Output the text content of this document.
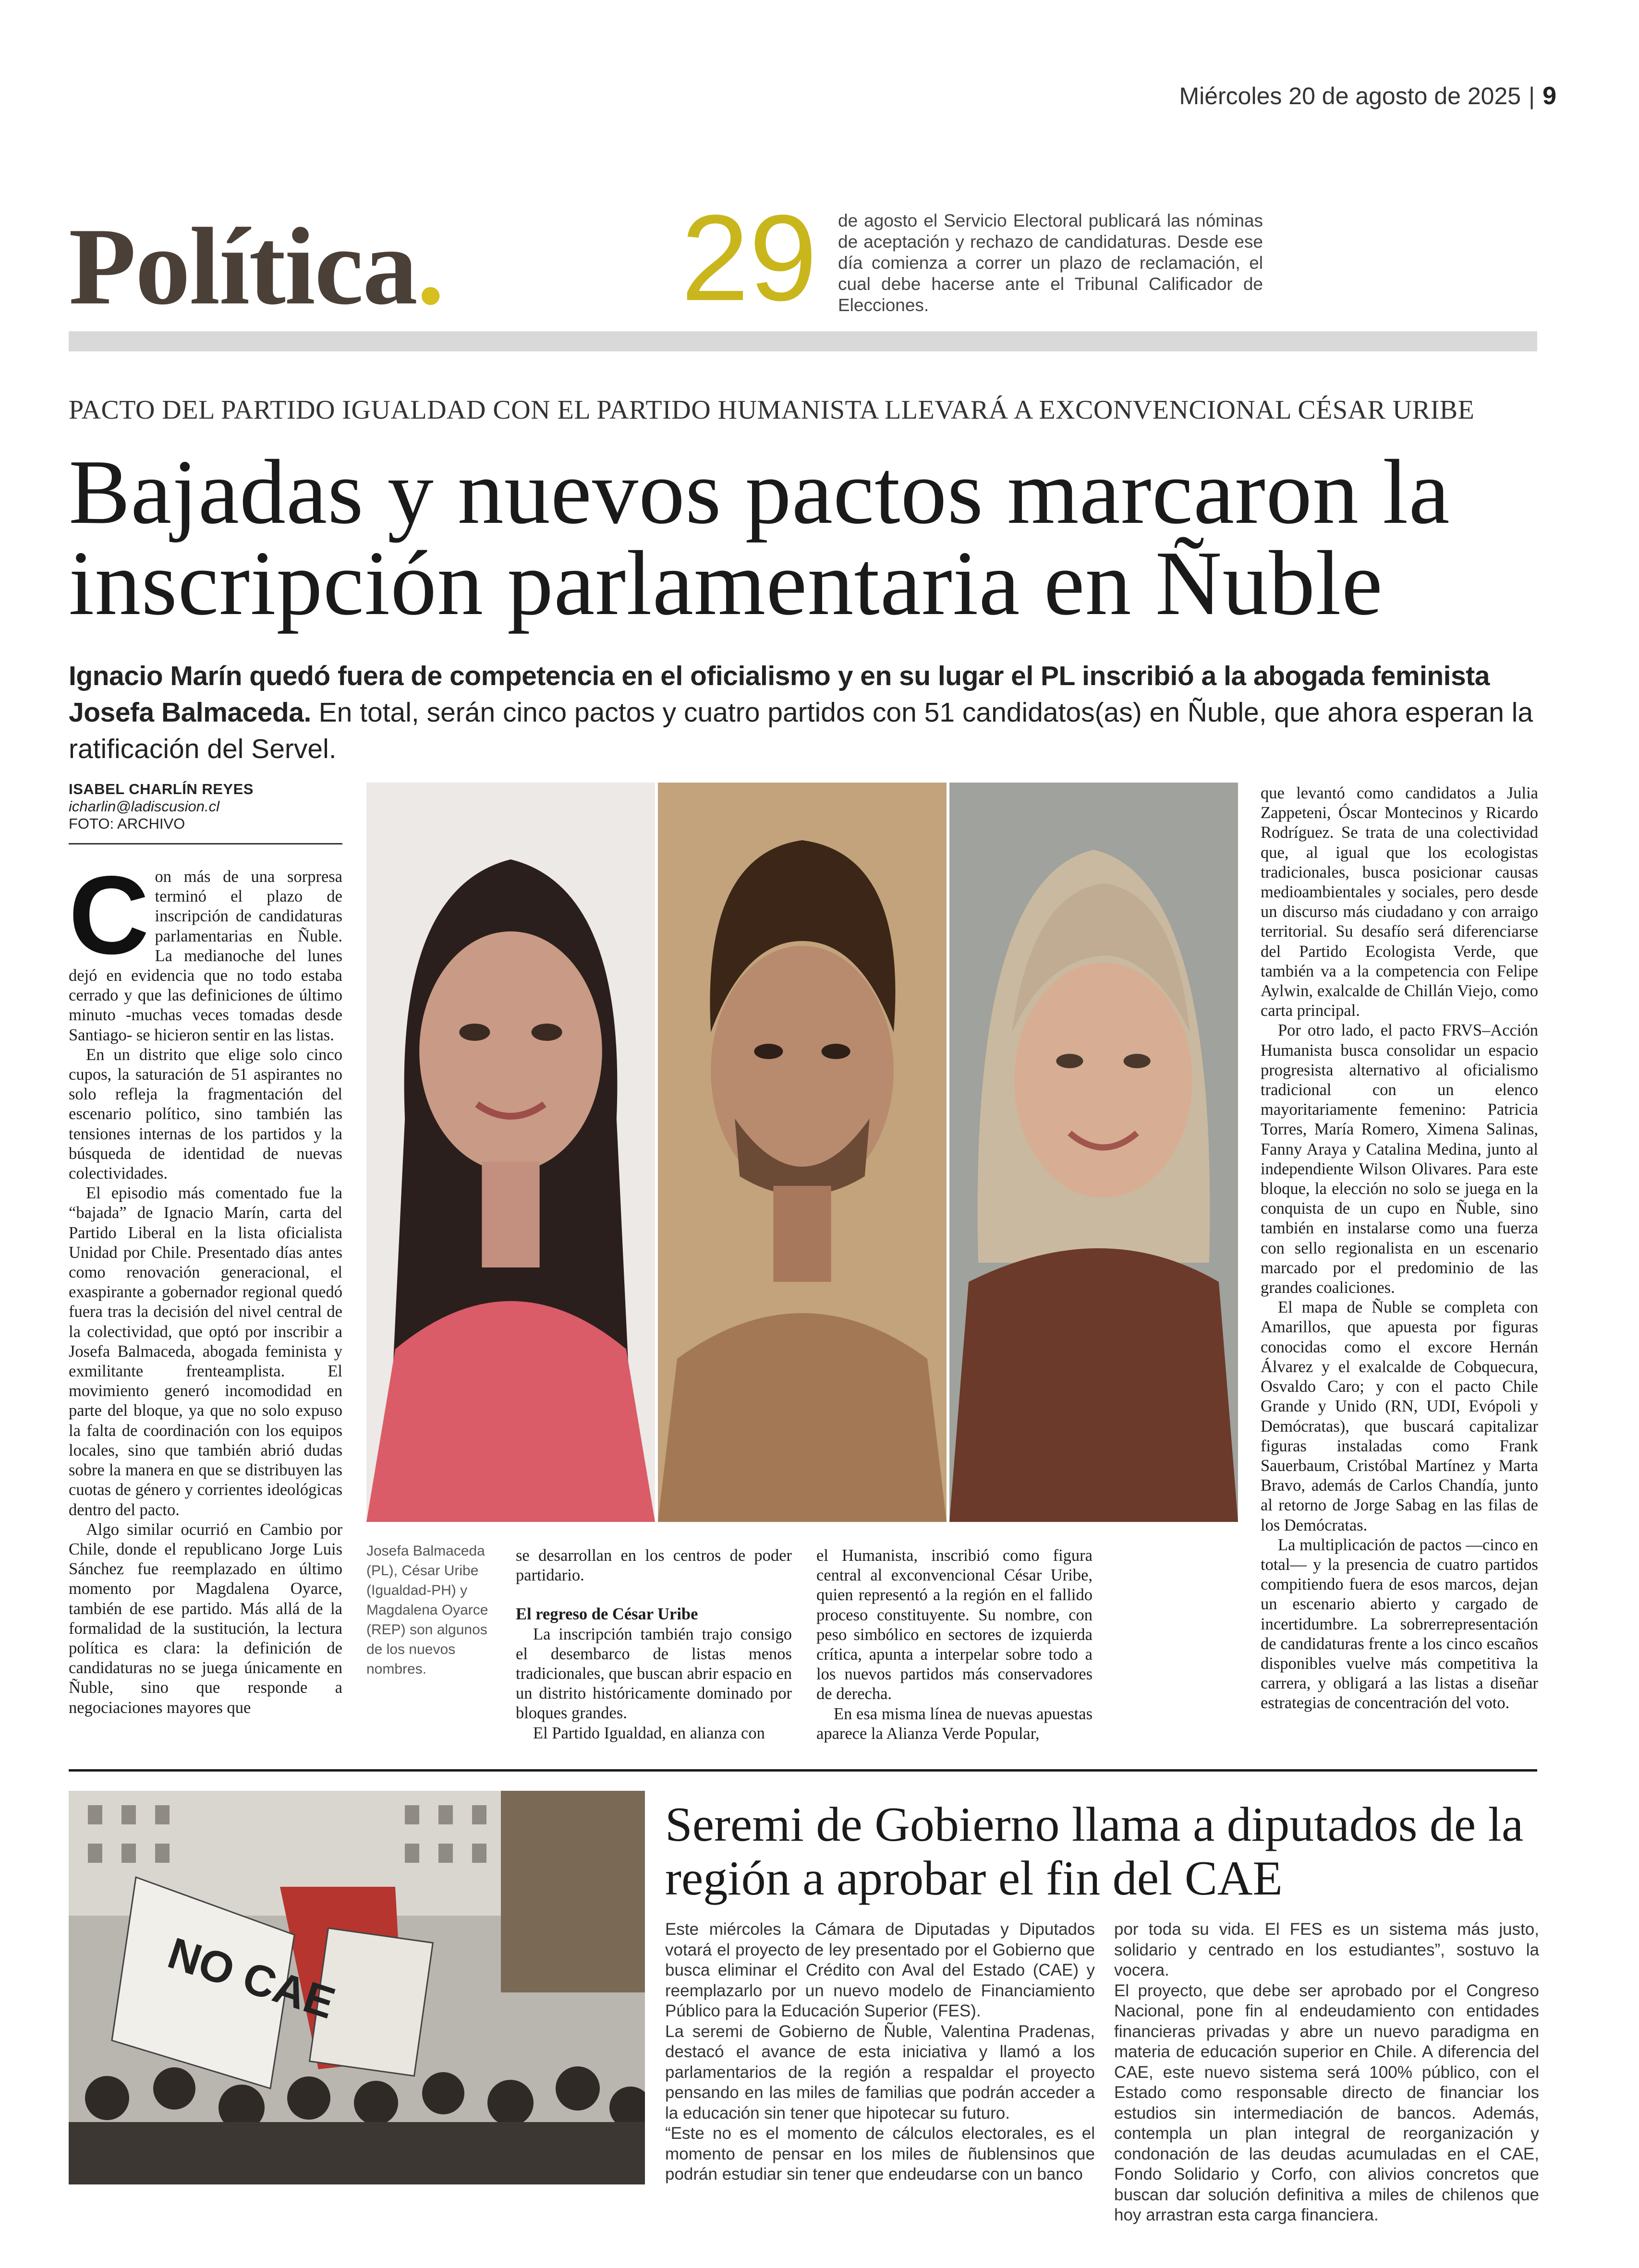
Miércoles 20 de agosto de 2025 | 9
Política. 29 de agosto el Servicio Electoral publicará las nóminas de aceptación y rechazo de candidaturas. Desde ese día comienza a correr un plazo de reclamación, el cual debe hacerse ante el Tribunal Calificador de Elecciones.
PACTO DEL PARTIDO IGUALDAD CON EL PARTIDO HUMANISTA LLEVARÁ A EXCONVENCIONAL CÉSAR URIBE
Bajadas y nuevos pactos marcaron la inscripción parlamentaria en Ñuble
Ignacio Marín quedó fuera de competencia en el oficialismo y en su lugar el PL inscribió a la abogada feminista Josefa Balmaceda. En total, serán cinco pactos y cuatro partidos con 51 candidatos(as) en Ñuble, que ahora esperan la ratificación del Servel.
ISABEL CHARLÍN REYES
icharlin@ladiscusion.cl
FOTO: ARCHIVO
C on más de una sorpresa terminó el plazo de inscripción de candidaturas parlamentarias en Ñuble. La medianoche del lunes dejó en evidencia que no todo estaba cerrado y que las definiciones de último minuto -muchas veces tomadas desde Santiago- se hicieron sentir en las listas.

En un distrito que elige solo cinco cupos, la saturación de 51 aspirantes no solo refleja la fragmentación del escenario político, sino también las tensiones internas de los partidos y la búsqueda de identidad de nuevas colectividades.

El episodio más comentado fue la “bajada” de Ignacio Marín, carta del Partido Liberal en la lista oficialista Unidad por Chile. Presentado días antes como renovación generacional, el exaspirante a gobernador regional quedó fuera tras la decisión del nivel central de la colectividad, que optó por inscribir a Josefa Balmaceda, abogada feminista y exmilitante frenteamplista. El movimiento generó incomodidad en parte del bloque, ya que no solo expuso la falta de coordinación con los equipos locales, sino que también abrió dudas sobre la manera en que se distribuyen las cuotas de género y corrientes ideológicas dentro del pacto.

Algo similar ocurrió en Cambio por Chile, donde el republicano Jorge Luis Sánchez fue reemplazado en último momento por Magdalena Oyarce, también de ese partido. Más allá de la formalidad de la sustitución, la lectura política es clara: la definición de candidaturas no se juega únicamente en Ñuble, sino que responde a negociaciones mayores que

Josefa Balmaceda (PL), César Uribe (Igualdad-PH) y Magdalena Oyarce (REP) son algunos de los nuevos nombres.

se desarrollan en los centros de poder partidario.

El regreso de César Uribe

La inscripción también trajo consigo el desembarco de listas menos tradicionales, que buscan abrir espacio en un distrito históricamente dominado por bloques grandes.

El Partido Igualdad, en alianza con

el Humanista, inscribió como figura central al exconvencional César Uribe, quien representó a la región en el fallido proceso constituyente. Su nombre, con peso simbólico en sectores de izquierda crítica, apunta a interpelar sobre todo a los nuevos partidos más conservadores de derecha.

En esa misma línea de nuevas apuestas aparece la Alianza Verde Popular,

que levantó como candidatos a Julia Zappeteni, Óscar Montecinos y Ricardo Rodríguez. Se trata de una colectividad que, al igual que los ecologistas tradicionales, busca posicionar causas medioambientales y sociales, pero desde un discurso más ciudadano y con arraigo territorial. Su desafío será diferenciarse del Partido Ecologista Verde, que también va a la competencia con Felipe Aylwin, exalcalde de Chillán Viejo, como carta principal.

Por otro lado, el pacto FRVS–Acción Humanista busca consolidar un espacio progresista alternativo al oficialismo tradicional con un elenco mayoritariamente femenino: Patricia Torres, María Romero, Ximena Salinas, Fanny Araya y Catalina Medina, junto al independiente Wilson Olivares. Para este bloque, la elección no solo se juega en la conquista de un cupo en Ñuble, sino también en instalarse como una fuerza con sello regionalista en un escenario marcado por el predominio de las grandes coaliciones.

El mapa de Ñuble se completa con Amarillos, que apuesta por figuras conocidas como el excore Hernán Álvarez y el exalcalde de Cobquecura, Osvaldo Caro; y con el pacto Chile Grande y Unido (RN, UDI, Evópoli y Demócratas), que buscará capitalizar figuras instaladas como Frank Sauerbaum, Cristóbal Martínez y Marta Bravo, además de Carlos Chandía, junto al retorno de Jorge Sabag en las filas de los Demócratas.

La multiplicación de pactos —cinco en total— y la presencia de cuatro partidos compitiendo fuera de esos marcos, dejan un escenario abierto y cargado de incertidumbre. La sobrerrepresentación de candidaturas frente a los cinco escaños disponibles vuelve más competitiva la carrera, y obligará a las listas a diseñar estrategias de concentración del voto.

NO CAE
Seremi de Gobierno llama a diputados de la región a aprobar el fin del CAE

Este miércoles la Cámara de Diputadas y Diputados votará el proyecto de ley presentado por el Gobierno que busca eliminar el Crédito con Aval del Estado (CAE) y reemplazarlo por un nuevo modelo de Financiamiento Público para la Educación Superior (FES).

La seremi de Gobierno de Ñuble, Valentina Pradenas, destacó el avance de esta iniciativa y llamó a los parlamentarios de la región a respaldar el proyecto pensando en las miles de familias que podrán acceder a la educación sin tener que hipotecar su futuro.

“Este no es el momento de cálculos electorales, es el momento de pensar en los miles de ñublensinos que podrán estudiar sin tener que endeudarse con un banco

por toda su vida. El FES es un sistema más justo, solidario y centrado en los estudiantes”, sostuvo la vocera.

El proyecto, que debe ser aprobado por el Congreso Nacional, pone fin al endeudamiento con entidades financieras privadas y abre un nuevo paradigma en materia de educación superior en Chile. A diferencia del CAE, este nuevo sistema será 100% público, con el Estado como responsable directo de financiar los estudios sin intermediación de bancos. Además, contempla un plan integral de reorganización y condonación de las deudas acumuladas en el CAE, Fondo Solidario y Corfo, con alivios concretos que buscan dar solución definitiva a miles de chilenos que hoy arrastran esta carga financiera.
